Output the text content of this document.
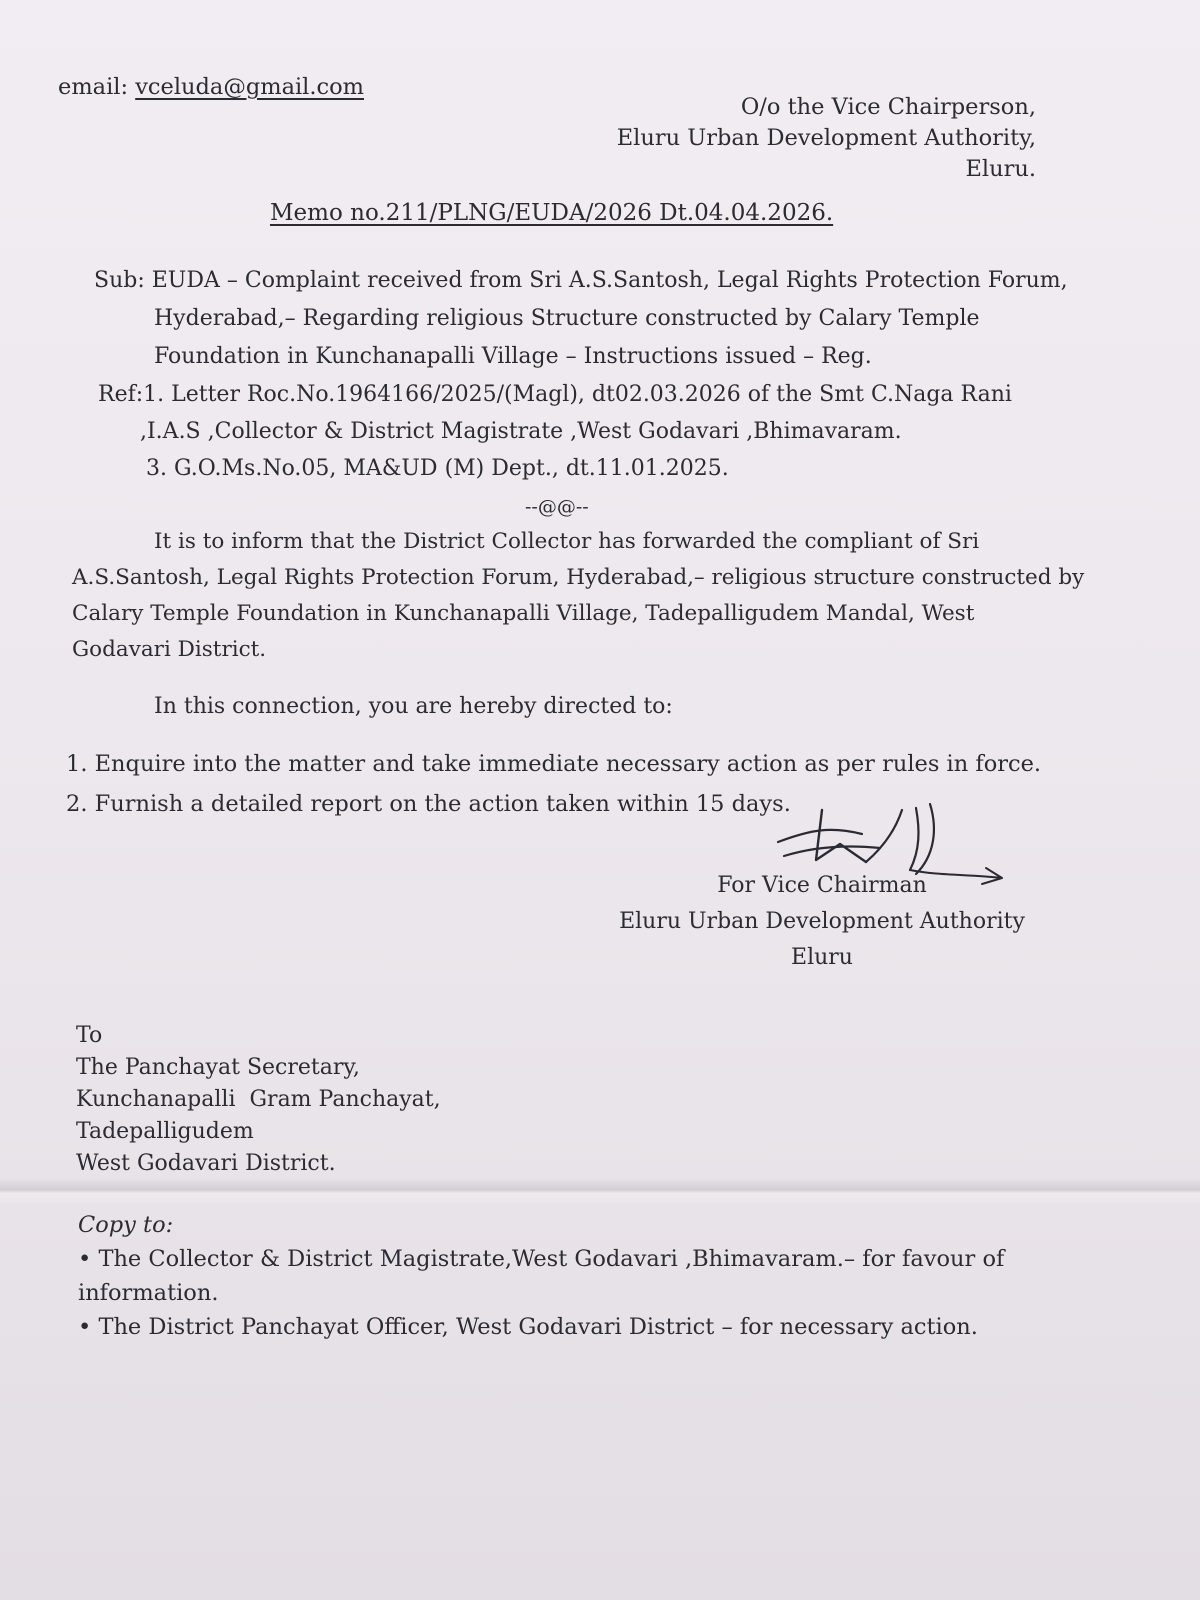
email: vceluda@gmail.com
O/o the Vice Chairperson,
Eluru Urban Development Authority,
Eluru.
Memo no.211/PLNG/EUDA/2026 Dt.04.04.2026.
Sub: EUDA – Complaint received from Sri A.S.Santosh, Legal Rights Protection Forum,
Hyderabad,– Regarding religious Structure constructed by Calary Temple
Foundation in Kunchanapalli Village – Instructions issued – Reg.
Ref:1. Letter Roc.No.1964166/2025/(Magl), dt02.03.2026 of the Smt C.Naga Rani
,I.A.S ,Collector & District Magistrate ,West Godavari ,Bhimavaram.
3. G.O.Ms.No.05, MA&UD (M) Dept., dt.11.01.2025.
--@@--
It is to inform that the District Collector has forwarded the compliant of Sri
A.S.Santosh, Legal Rights Protection Forum, Hyderabad,– religious structure constructed by
Calary Temple Foundation in Kunchanapalli Village, Tadepalligudem Mandal, West
Godavari District.
In this connection, you are hereby directed to:
1. Enquire into the matter and take immediate necessary action as per rules in force.
2. Furnish a detailed report on the action taken within 15 days.
For Vice Chairman
Eluru Urban Development Authority
Eluru
To
The Panchayat Secretary,
Kunchanapalli  Gram Panchayat,
Tadepalligudem
West Godavari District.
Copy to:
• The Collector & District Magistrate,West Godavari ,Bhimavaram.– for favour of
information.
• The District Panchayat Officer, West Godavari District – for necessary action.
